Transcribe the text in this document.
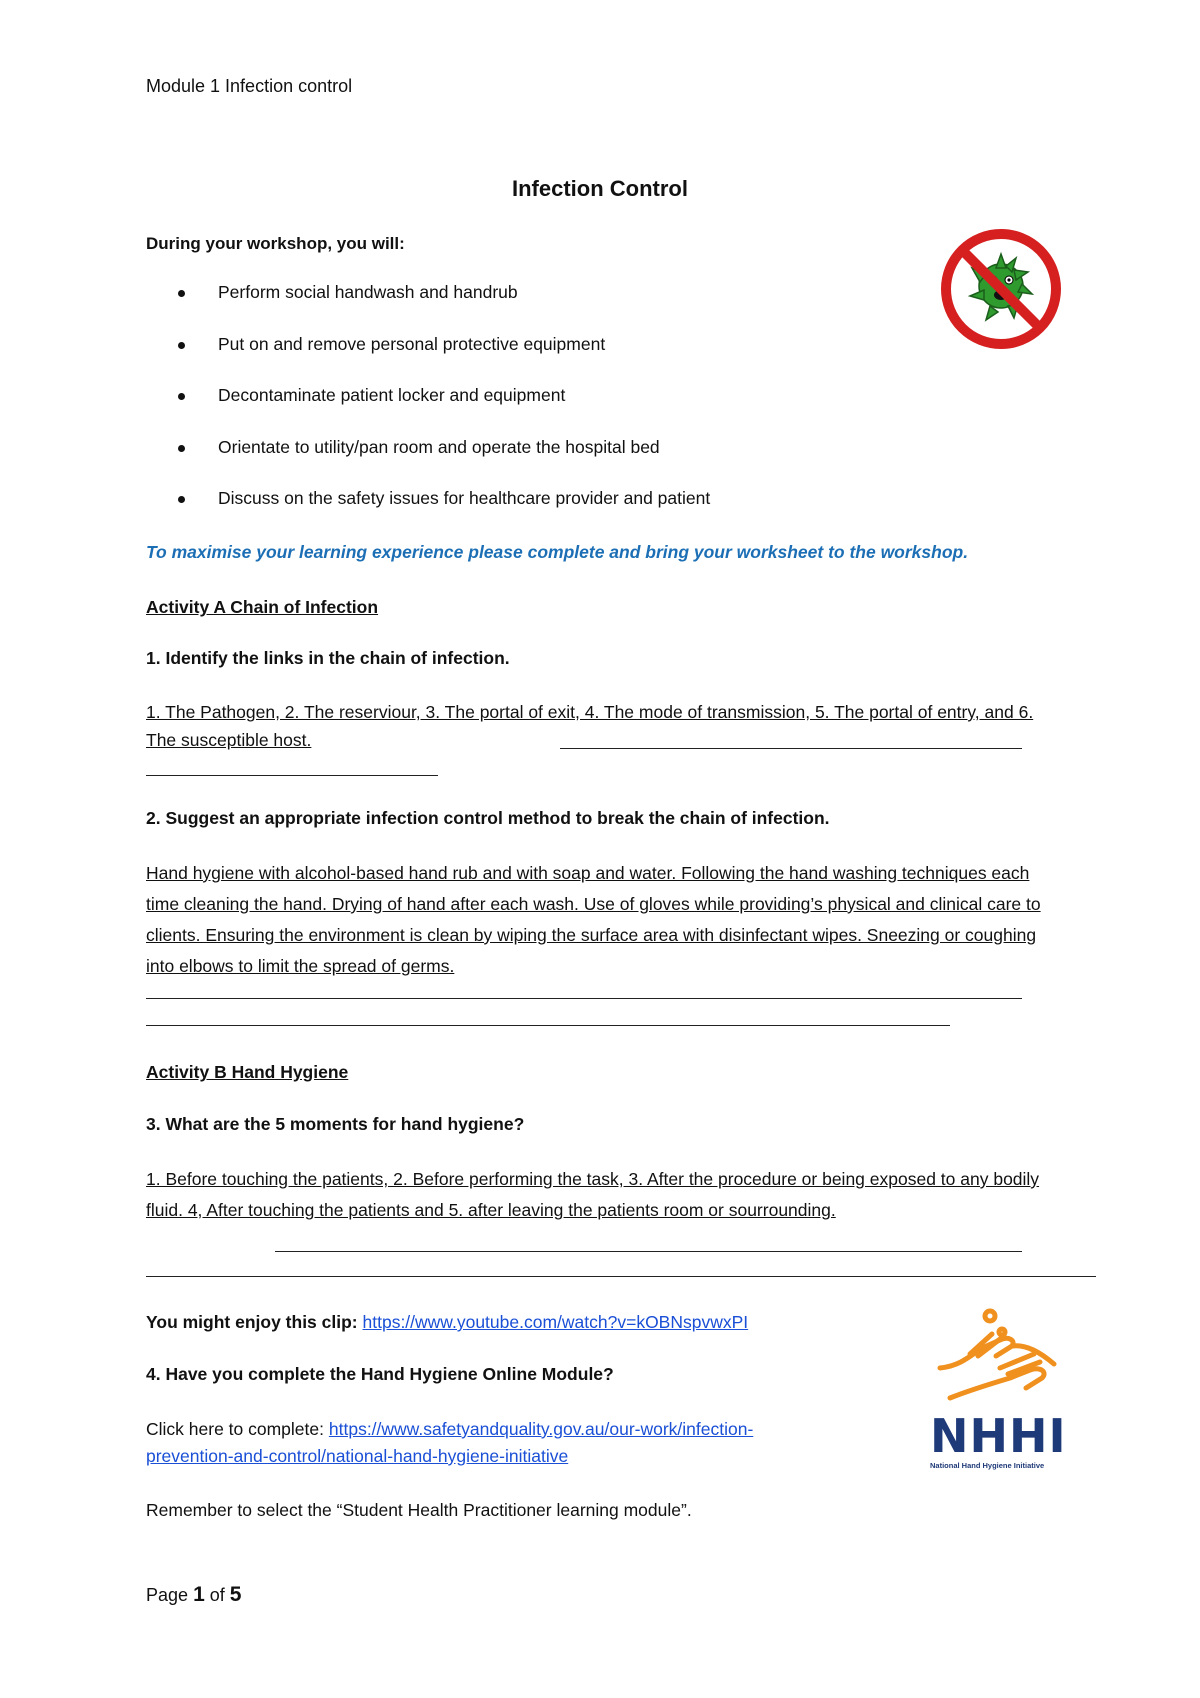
Module 1 Infection control
Infection Control
During your workshop, you will:
Perform social handwash and handrub
Put on and remove personal protective equipment
Decontaminate patient locker and equipment
Orientate to utility/pan room and operate the hospital bed
Discuss on the safety issues for healthcare provider and patient
To maximise your learning experience please complete and bring your worksheet to the workshop.
Activity A Chain of Infection
1. Identify the links in the chain of infection.
1. The Pathogen, 2. The reserviour, 3. The portal of exit, 4. The mode of transmission, 5. The portal of entry, and 6. The susceptible host.
2. Suggest an appropriate infection control method to break the chain of infection.
Hand hygiene with alcohol-based hand rub and with soap and water. Following the hand washing techniques each time cleaning the hand. Drying of hand after each wash. Use of gloves while providing’s physical and clinical care to clients. Ensuring the environment is clean by wiping the surface area with disinfectant wipes. Sneezing or coughing into elbows to limit the spread of germs.
Activity B Hand Hygiene
3. What are the 5 moments for hand hygiene?
1. Before touching the patients, 2. Before performing the task, 3. After the procedure or being exposed to any bodily fluid. 4, After touching the patients and 5. after leaving the patients room or sourrounding.
You might enjoy this clip: https://www.youtube.com/watch?v=kOBNspvwxPI
4. Have you complete the Hand Hygiene Online Module?
Click here to complete: https://www.safetyandquality.gov.au/our-work/infection-
prevention-and-control/national-hand-hygiene-initiative
Remember to select the “Student Health Practitioner learning module”.
NHHI
National Hand Hygiene Initiative
Page 1 of 5
